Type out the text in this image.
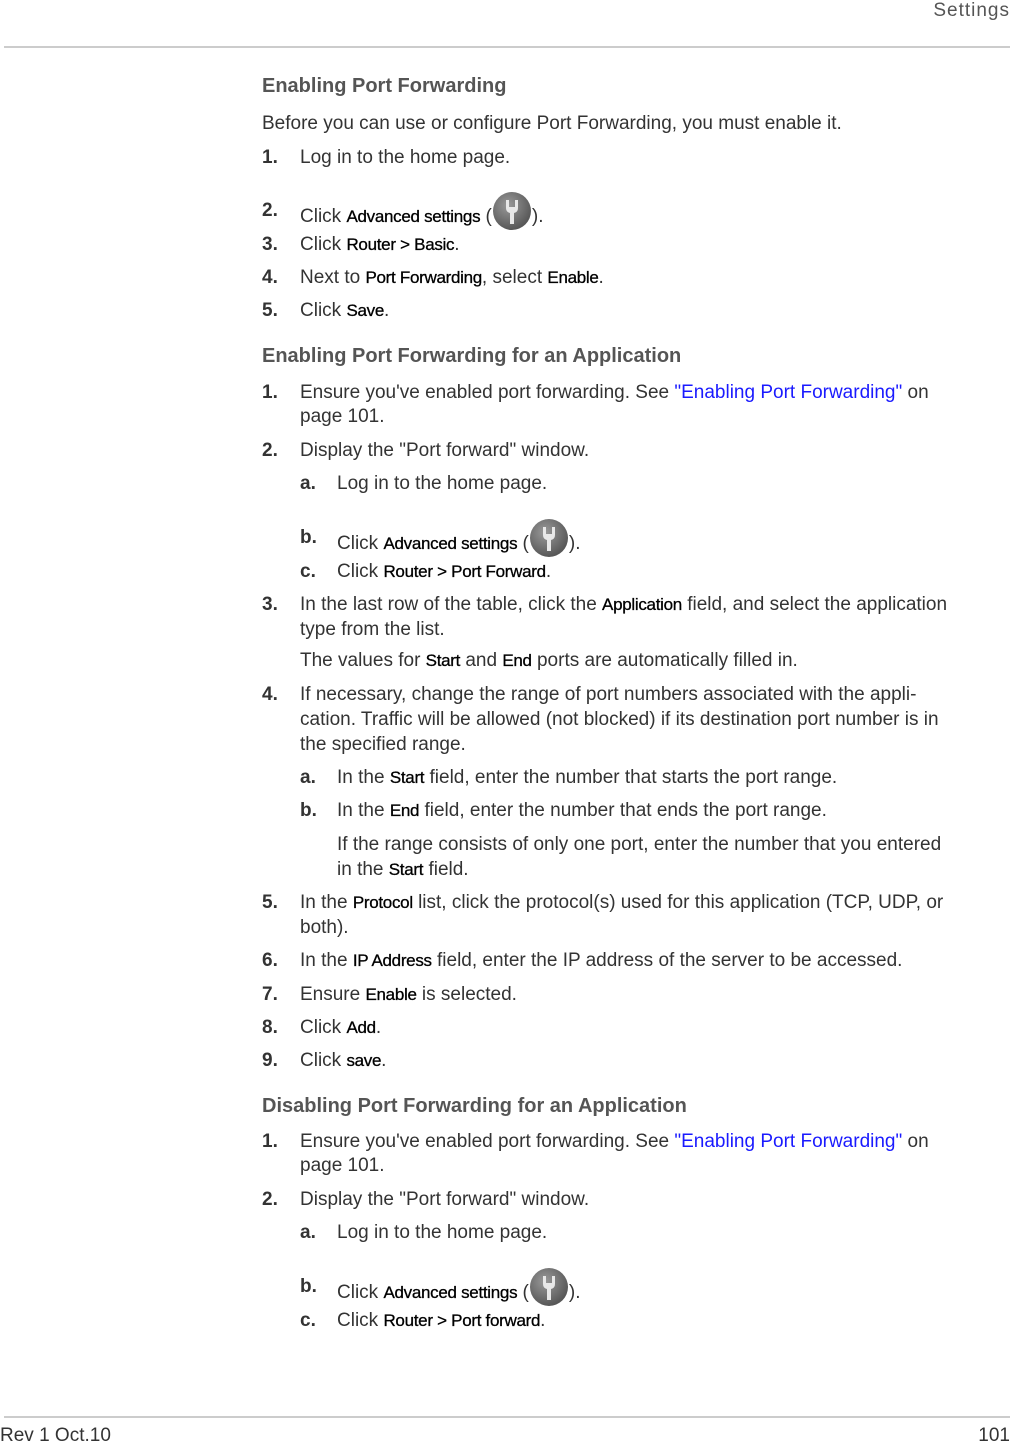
Settings
Enabling Port Forwarding
Before you can use or configure Port Forwarding, you must enable it.
1. Log in to the home page.
2. Click Advanced settings ( ).
3. Click Router > Basic.
4. Next to Port Forwarding, select Enable.
5. Click Save.
Enabling Port Forwarding for an Application
1. Ensure you've enabled port forwarding. See "Enabling Port Forwarding" on
page 101.
2. Display the "Port forward" window.
a. Log in to the home page.
b. Click Advanced settings ( ).
c. Click Router > Port Forward.
3. In the last row of the table, click the Application field, and select the application
type from the list.
The values for Start and End ports are automatically filled in.
4. If necessary, change the range of port numbers associated with the appli-
cation. Traffic will be allowed (not blocked) if its destination port number is in
the specified range.
a. In the Start field, enter the number that starts the port range.
b. In the End field, enter the number that ends the port range.
If the range consists of only one port, enter the number that you entered
in the Start field.
5. In the Protocol list, click the protocol(s) used for this application (TCP, UDP, or
both).
6. In the IP Address field, enter the IP address of the server to be accessed.
7. Ensure Enable is selected.
8. Click Add.
9. Click save.
Disabling Port Forwarding for an Application
1. Ensure you've enabled port forwarding. See "Enabling Port Forwarding" on
page 101.
2. Display the "Port forward" window.
a. Log in to the home page.
b. Click Advanced settings ( ).
c. Click Router > Port forward.
Rev 1 Oct.10	101
